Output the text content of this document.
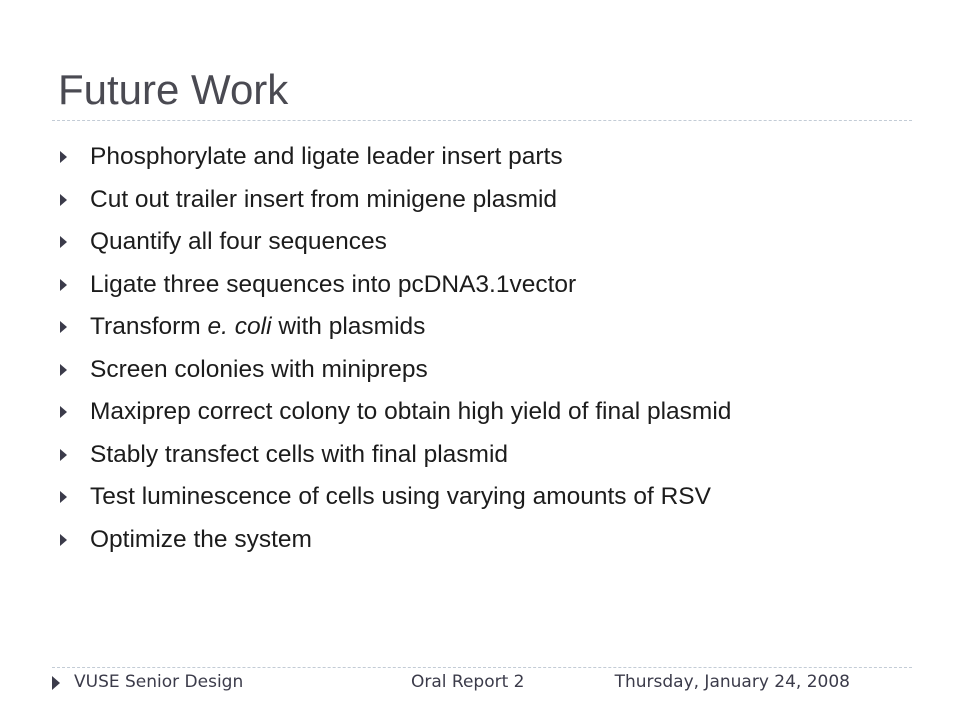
Future Work
Phosphorylate and ligate leader insert parts
Cut out trailer insert from minigene plasmid
Quantify all four sequences
Ligate three sequences into pcDNA3.1vector
Transform e. coli with plasmids
Screen colonies with minipreps
Maxiprep correct colony to obtain high yield of final plasmid
Stably transfect cells with final plasmid
Test luminescence of cells using varying amounts of RSV
Optimize the system
VUSE Senior Design	Oral Report 2	Thursday, January 24, 2008
